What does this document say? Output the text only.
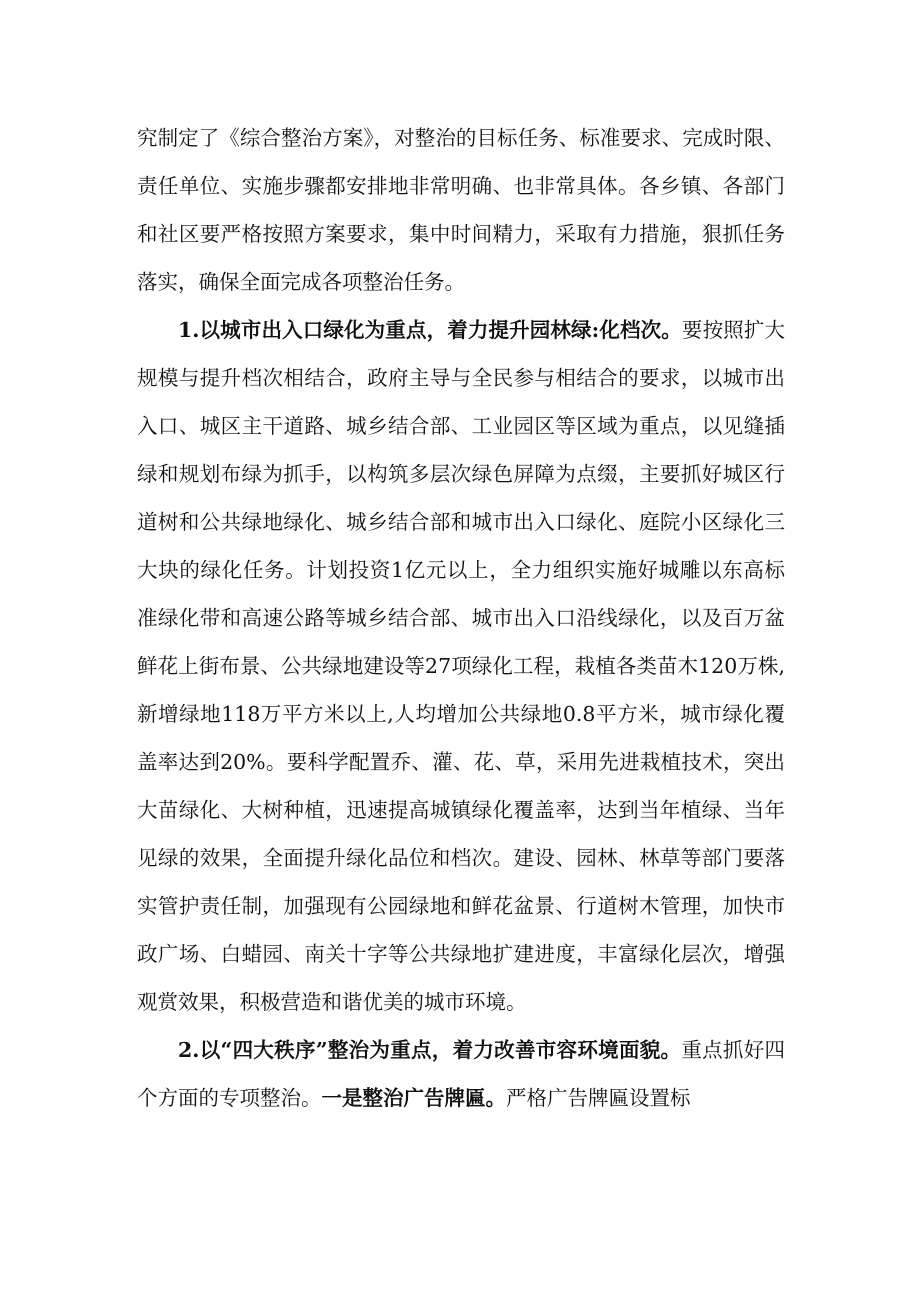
究制定了《综合整治方案》，对整治的目标任务、标准要求、完成时限、责任单位、实施步骤都安排地非常明确、也非常具体。各乡镇、各部门和社区要严格按照方案要求，集中时间精力，采取有力措施，狠抓任务落实，确保全面完成各项整治任务。

1.以城市出入口绿化为重点，着力提升园林绿:化档次。要按照扩大规模与提升档次相结合，政府主导与全民参与相结合的要求，以城市出入口、城区主干道路、城乡结合部、工业园区等区域为重点，以见缝插绿和规划布绿为抓手，以构筑多层次绿色屏障为点缀，主要抓好城区行道树和公共绿地绿化、城乡结合部和城市出入口绿化、庭院小区绿化三大块的绿化任务。计划投资1亿元以上，全力组织实施好城雕以东高标准绿化带和高速公路等城乡结合部、城市出入口沿线绿化，以及百万盆鲜花上街布景、公共绿地建设等27项绿化工程，栽植各类苗木120万株,新增绿地118万平方米以上,人均增加公共绿地0.8平方米，城市绿化覆盖率达到20%。要科学配置乔、灌、花、草，采用先进栽植技术，突出大苗绿化、大树种植，迅速提高城镇绿化覆盖率，达到当年植绿、当年见绿的效果，全面提升绿化品位和档次。建设、园林、林草等部门要落实管护责任制，加强现有公园绿地和鲜花盆景、行道树木管理，加快市政广场、白蜡园、南关十字等公共绿地扩建进度，丰富绿化层次，增强观赏效果，积极营造和谐优美的城市环境。

2.以“四大秩序”整治为重点，着力改善市容环境面貌。重点抓好四个方面的专项整治。一是整治广告牌匾。严格广告牌匾设置标
